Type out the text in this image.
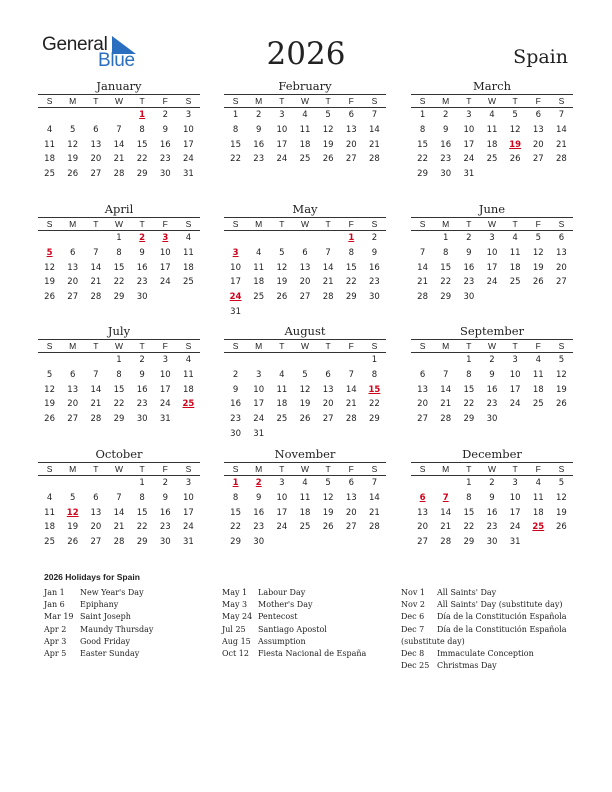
General
Blue	2026	Spain
January
S	M	T	W	T	F	S
				1	2	3
4	5	6	7	8	9	10
11	12	13	14	15	16	17
18	19	20	21	22	23	24
25	26	27	28	29	30	31
February
S	M	T	W	T	F	S
1	2	3	4	5	6	7
8	9	10	11	12	13	14
15	16	17	18	19	20	21
22	23	24	25	26	27	28
March
S	M	T	W	T	F	S
1	2	3	4	5	6	7
8	9	10	11	12	13	14
15	16	17	18	19	20	21
22	23	24	25	26	27	28
29	30	31				
April
S	M	T	W	T	F	S
			1	2	3	4
5	6	7	8	9	10	11
12	13	14	15	16	17	18
19	20	21	22	23	24	25
26	27	28	29	30		
May
S	M	T	W	T	F	S
					1	2
3	4	5	6	7	8	9
10	11	12	13	14	15	16
17	18	19	20	21	22	23
24	25	26	27	28	29	30
31						
June
S	M	T	W	T	F	S
	1	2	3	4	5	6
7	8	9	10	11	12	13
14	15	16	17	18	19	20
21	22	23	24	25	26	27
28	29	30				
July
S	M	T	W	T	F	S
			1	2	3	4
5	6	7	8	9	10	11
12	13	14	15	16	17	18
19	20	21	22	23	24	25
26	27	28	29	30	31	
August
S	M	T	W	T	F	S
						1
2	3	4	5	6	7	8
9	10	11	12	13	14	15
16	17	18	19	20	21	22
23	24	25	26	27	28	29
30	31					
September
S	M	T	W	T	F	S
		1	2	3	4	5
6	7	8	9	10	11	12
13	14	15	16	17	18	19
20	21	22	23	24	25	26
27	28	29	30			
October
S	M	T	W	T	F	S
				1	2	3
4	5	6	7	8	9	10
11	12	13	14	15	16	17
18	19	20	21	22	23	24
25	26	27	28	29	30	31
November
S	M	T	W	T	F	S
1	2	3	4	5	6	7
8	9	10	11	12	13	14
15	16	17	18	19	20	21
22	23	24	25	26	27	28
29	30					
December
S	M	T	W	T	F	S
		1	2	3	4	5
6	7	8	9	10	11	12
13	14	15	16	17	18	19
20	21	22	23	24	25	26
27	28	29	30	31		
2026 Holidays for Spain
Jan 1 New Year's Day
Jan 6 Epiphany
Mar 19 Saint Joseph
Apr 2 Maundy Thursday
Apr 3 Good Friday
Apr 5 Easter Sunday
May 1 Labour Day
May 3 Mother's Day
May 24 Pentecost
Jul 25 Santiago Apostol
Aug 15 Assumption
Oct 12 Fiesta Nacional de España
Nov 1 All Saints' Day
Nov 2 All Saints' Day (substitute day)
Dec 6 Día de la Constitución Española
Dec 7 Día de la Constitución Española
(substitute day)
Dec 8 Immaculate Conception
Dec 25 Christmas Day
